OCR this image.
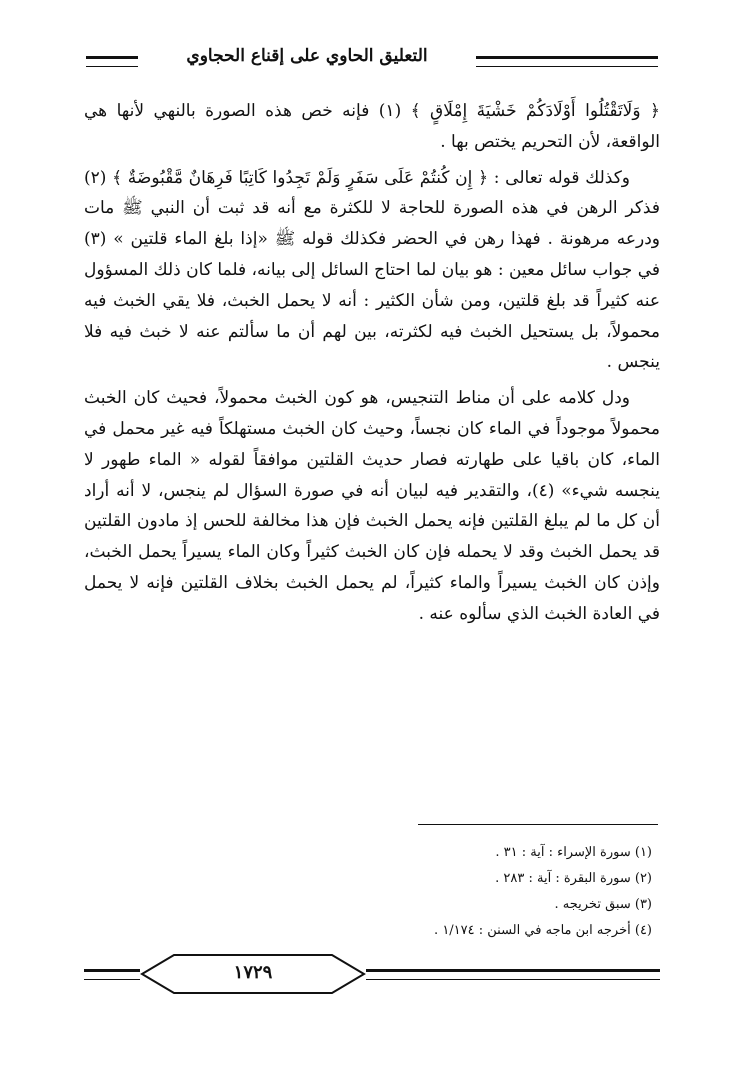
التعليق الحاوي على إقناع الحجاوي

﴿ وَلَاتَقْتُلُوا أَوْلَادَكُمْ خَشْيَةَ إِمْلَاقٍ ﴾ (١) فإنه خص هذه الصورة بالنهي لأنها هي الواقعة، لأن التحريم يختص بها .

وكذلك قوله تعالى : ﴿ إِن كُنتُمْ عَلَى سَفَرٍ وَلَمْ تَجِدُوا كَاتِبًا فَرِهَانٌ مَّقْبُوضَةٌ ﴾ (٢) فذكر الرهن في هذه الصورة للحاجة لا للكثرة مع أنه قد ثبت أن النبي ﷺ مات ودرعه مرهونة . فهذا رهن في الحضر فكذلك قوله ﷺ «إذا بلغ الماء قلتين » (٣) في جواب سائل معين : هو بيان لما احتاج السائل إلى بيانه، فلما كان ذلك المسؤول عنه كثيراً قد بلغ قلتين، ومن شأن الكثير : أنه لا يحمل الخبث، فلا يقي الخبث فيه محمولاً، بل يستحيل الخبث فيه لكثرته، بين لهم أن ما سألتم عنه لا خبث فيه فلا ينجس .

ودل كلامه على أن مناط التنجيس، هو كون الخبث محمولاً، فحيث كان الخبث محمولاً موجوداً في الماء كان نجساً، وحيث كان الخبث مستهلكاً فيه غير محمل في الماء، كان باقيا على طهارته فصار حديث القلتين موافقاً لقوله « الماء طهور لا ينجسه شيء» (٤)، والتقدير فيه لبيان أنه في صورة السؤال لم ينجس، لا أنه أراد أن كل ما لم يبلغ القلتين فإنه يحمل الخبث فإن هذا مخالفة للحس إذ مادون القلتين قد يحمل الخبث وقد لا يحمله فإن كان الخبث كثيراً وكان الماء يسيراً يحمل الخبث، وإذن كان الخبث يسيراً والماء كثيراً، لم يحمل الخبث بخلاف القلتين فإنه لا يحمل في العادة الخبث الذي سألوه عنه .

(١) سورة الإسراء : آية : ٣١ .
(٢) سورة البقرة : آية : ٢٨٣ .
(٣) سبق تخريجه .
(٤) أخرجه ابن ماجه في السنن : ١/١٧٤ .
١٧٢٩
